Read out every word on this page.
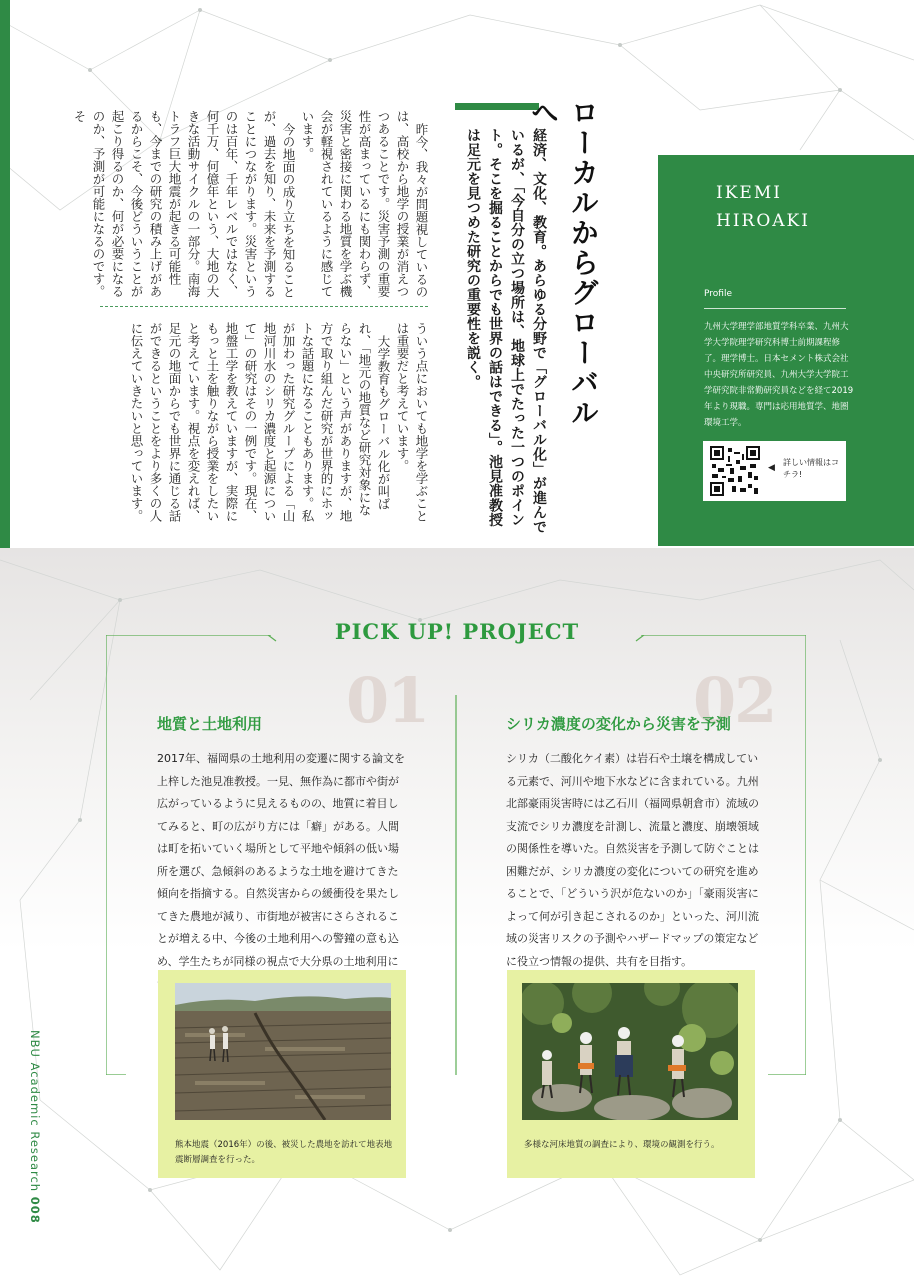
ローカルからグローバルへ
経済、文化、教育。あらゆる分野で「グローバル化」が進んでいるが、「今自分の立つ場所は、地球上でたった一つのポイント。そこを掘ることからでも世界の話はできる」。池見准教授は足元を見つめた研究の重要性を説く。

昨今、我々が問題視しているのは、高校から地学の授業が消えつつあることです。災害予測の重要性が高まっているにも関わらず、災害と密接に関わる地質を学ぶ機会が軽視されているように感じています。

今の地面の成り立ちを知ることが、過去を知り、未来を予測することにつながります。災害というのは百年、千年レベルではなく、何千万、何億年という、大地の大きな活動サイクルの一部分。南海トラフ巨大地震が起きる可能性も、今までの研究の積み上げがあるからこそ、今後どういうことが起こり得るのか、何が必要になるのか、予測が可能になるのです。そ

ういう点においても地学を学ぶことは重要だと考えています。

大学教育もグローバル化が叫ばれ、「地元の地質など研究対象にならない」という声がありますが、地方で取り組んだ研究が世界的にホットな話題になることもあります。私が加わった研究グループによる「山地河川水のシリカ濃度と起源について」の研究はその一例です。現在、地盤工学を教えていますが、実際にもっと土を触りながら授業をしたいと考えています。視点を変えれば、足元の地面からでも世界に通じる話ができるということをより多くの人に伝えていきたいと思っています。

IKEMI
HIROAKI
Profile
九州大学理学部地質学科卒業、九州大学大学院理学研究科博士前期課程修了。理学博士。日本セメント株式会社中央研究所研究員、九州大学大学院工学研究院非常勤研究員などを経て2019年より現職。専門は応用地質学、地圏環境工学。
◀
詳しい情報はコチラ!
PICK UP! PROJECT
01	02
地質と土地利用	シリカ濃度の変化から災害を予測
2017年、福岡県の土地利用の変遷に関する論文を上梓した池見准教授。一見、無作為に都市や街が広がっているように見えるものの、地質に着目してみると、町の広がり方には「癖」がある。人間は町を拓いていく場所として平地や傾斜の低い場所を選び、急傾斜のあるような土地を避けてきた傾向を指摘する。自然災害からの緩衝役を果たしてきた農地が減り、市街地が被害にさらされることが増える中、今後の土地利用への警鐘の意も込め、学生たちが同様の視点で大分県の土地利用に
シリカ（二酸化ケイ素）は岩石や土壌を構成している元素で、河川や地下水などに含まれている。九州北部豪雨災害時には乙石川（福岡県朝倉市）流域の支流でシリカ濃度を計測し、流量と濃度、崩壊領域の関係性を導いた。自然災害を予測して防ぐことは困難だが、シリカ濃度の変化についての研究を進めることで、「どういう沢が危ないのか」「豪雨災害によって何が引き起こされるのか」といった、河川流域の災害リスクの予測やハザードマップの策定などに役立つ情報の提供、共有を目指す。
熊本地震（2016年）の後、被災した農地を訪れて地表地震断層調査を行った。
多様な河床地質の調査により、環境の観測を行う。
NBU Academic Research 008
